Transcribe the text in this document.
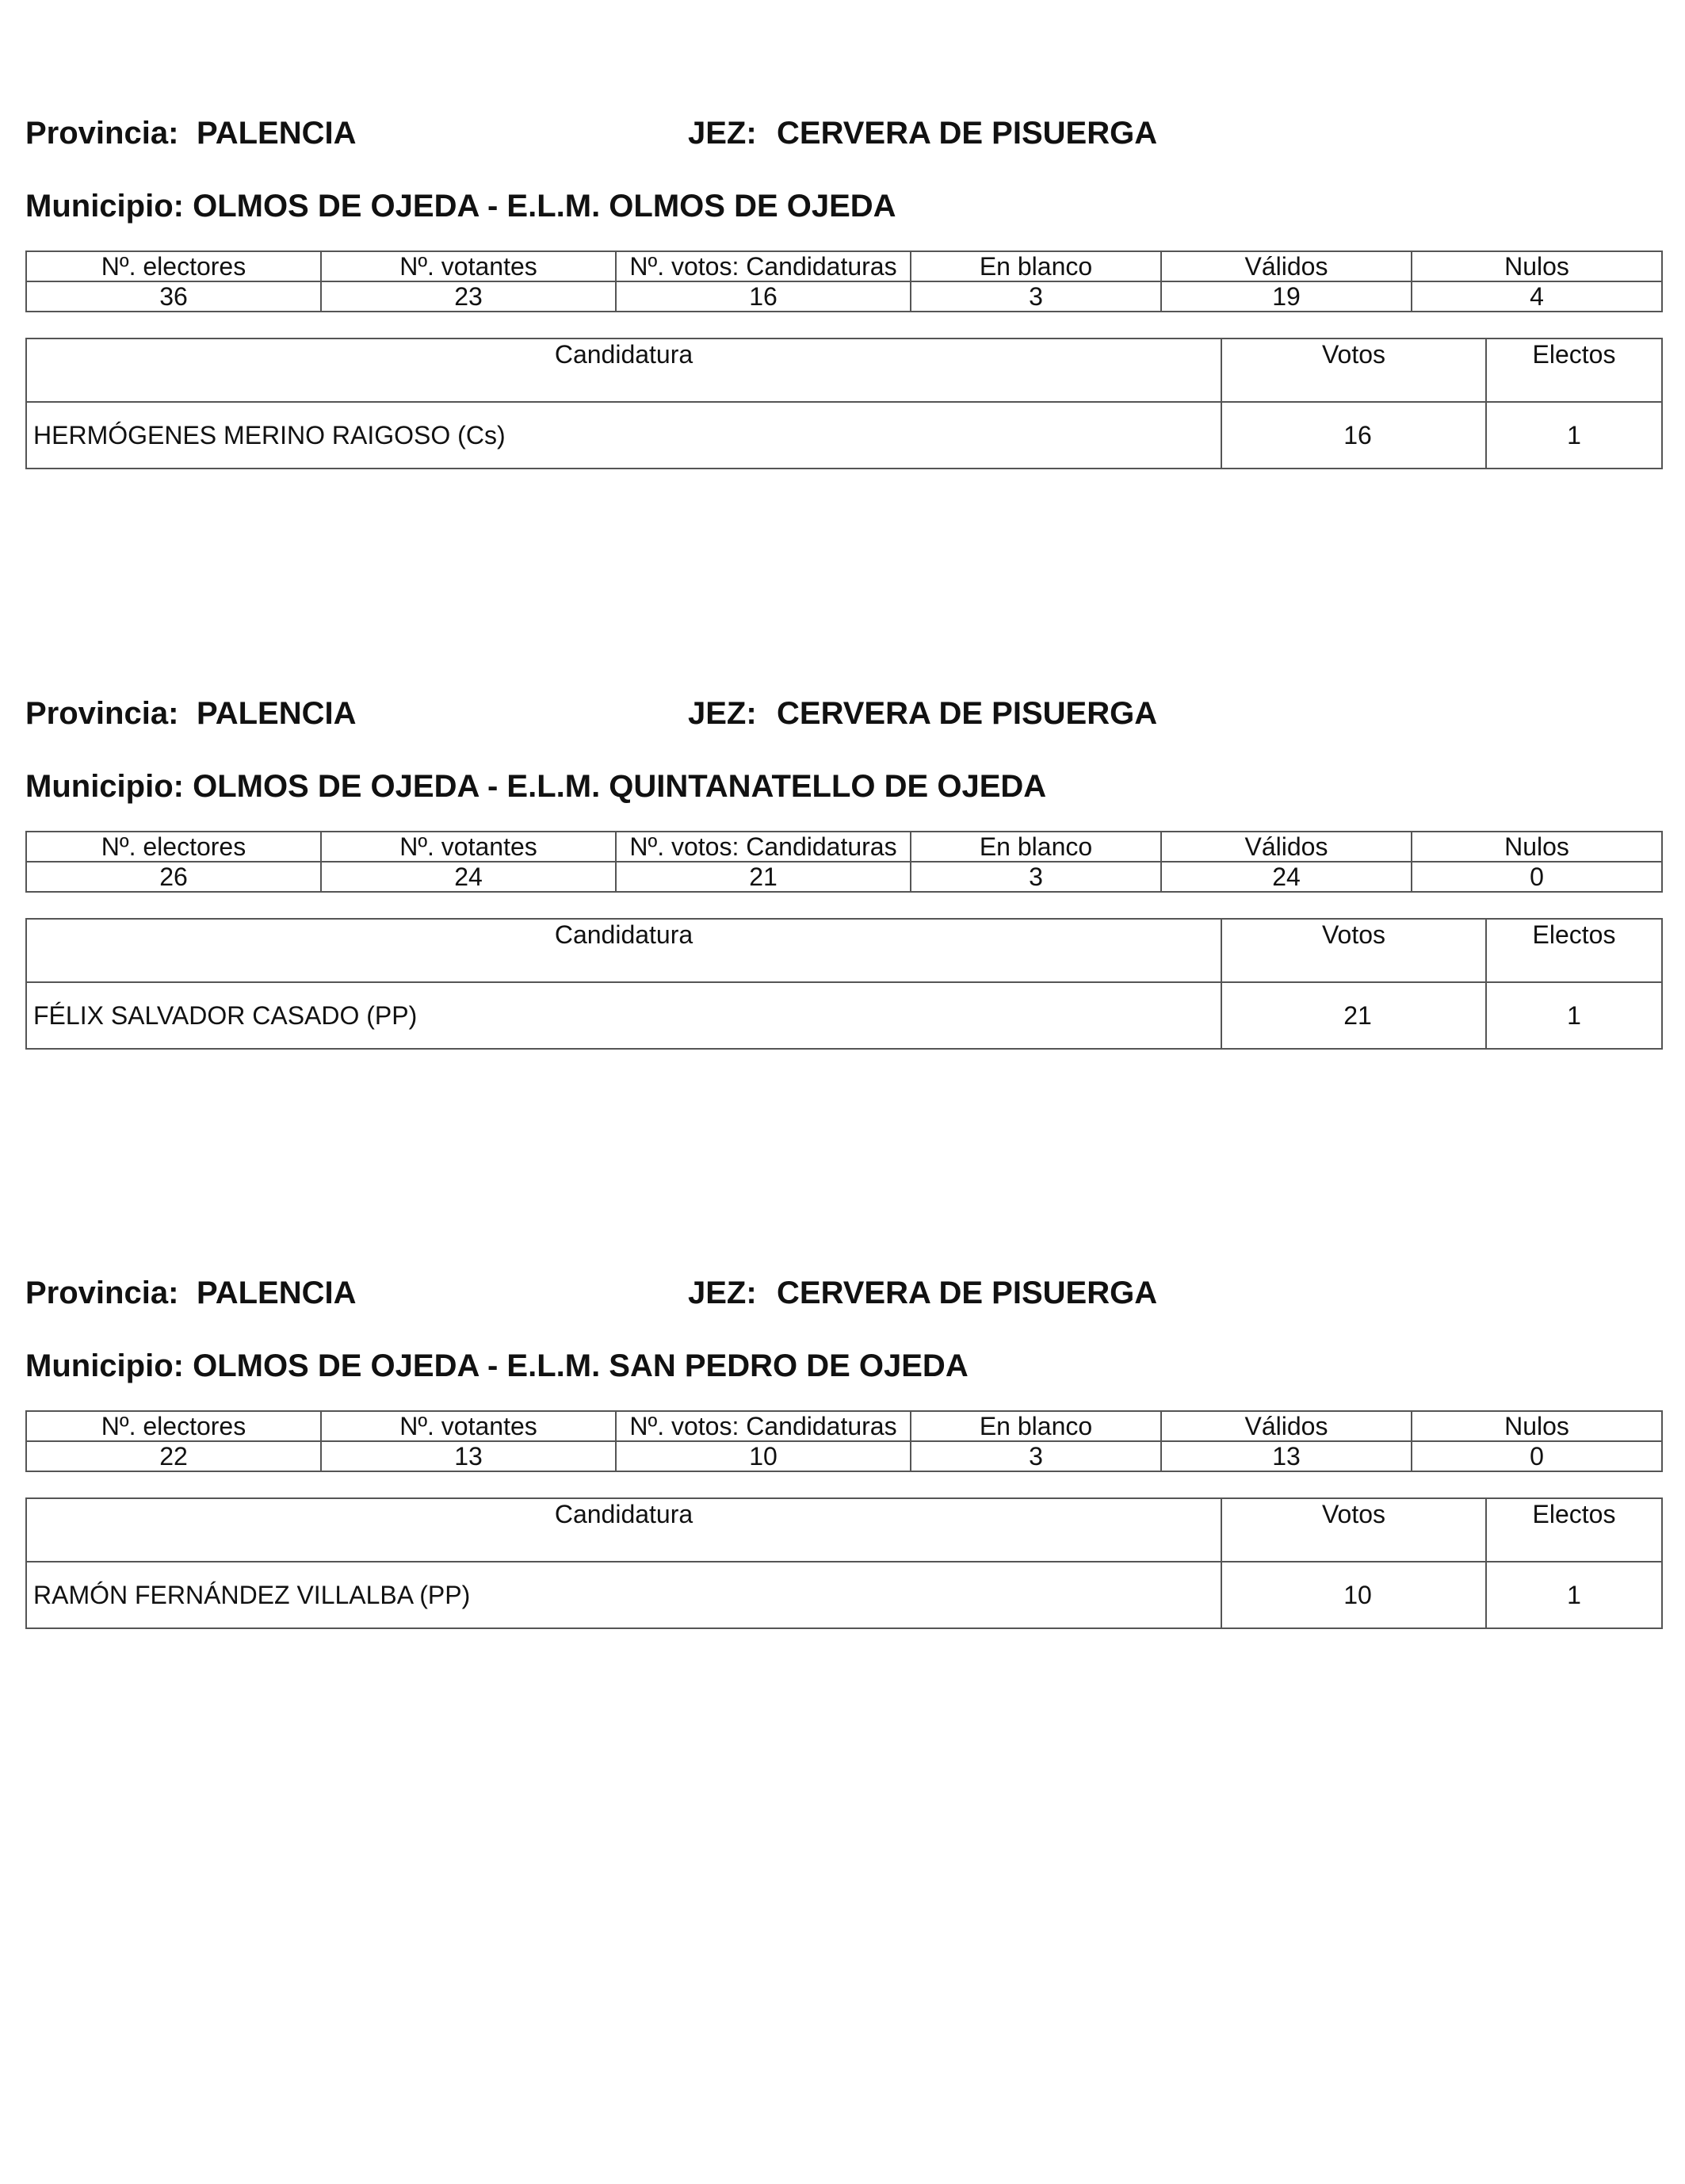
Provincia: PALENCIA	JEZ: CERVERA DE PISUERGA
Municipio: OLMOS DE OJEDA - E.L.M. OLMOS DE OJEDA
Nº. electores	Nº. votantes	Nº. votos: Candidaturas	En blanco	Válidos	Nulos
36	23	16	3	19	4
Candidatura	Votos	Electos
HERMÓGENES MERINO RAIGOSO (Cs)	16	1
Provincia: PALENCIA	JEZ: CERVERA DE PISUERGA
Municipio: OLMOS DE OJEDA - E.L.M. QUINTANATELLO DE OJEDA
Nº. electores	Nº. votantes	Nº. votos: Candidaturas	En blanco	Válidos	Nulos
26	24	21	3	24	0
Candidatura	Votos	Electos
FÉLIX SALVADOR CASADO (PP)	21	1
Provincia: PALENCIA	JEZ: CERVERA DE PISUERGA
Municipio: OLMOS DE OJEDA - E.L.M. SAN PEDRO DE OJEDA
Nº. electores	Nº. votantes	Nº. votos: Candidaturas	En blanco	Válidos	Nulos
22	13	10	3	13	0
Candidatura	Votos	Electos
RAMÓN FERNÁNDEZ VILLALBA (PP)	10	1
